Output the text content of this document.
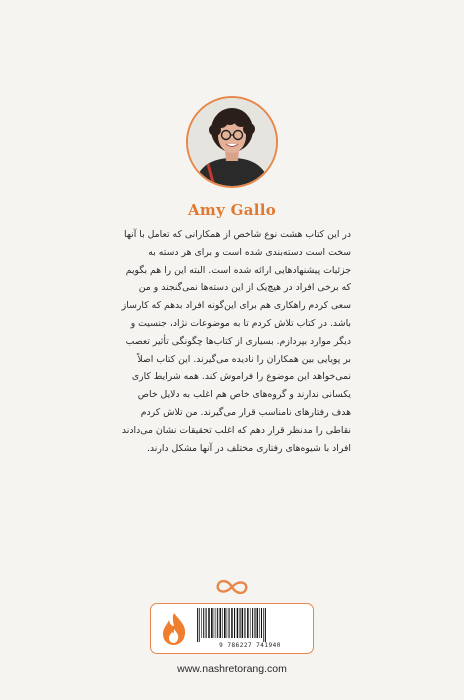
Amy Gallo
در این کتاب هشت نوع شاخص از همکارانی که تعامل با آنها
سخت است دسته‌بندی شده است و برای هر دسته به
جزئیات پیشنهادهایی ارائه شده است. البته این را هم بگویم
که برخی افراد در هیچ‌یک از این دسته‌ها نمی‌گنجند و من
سعی کردم راهکاری هم برای این‌گونه افراد بدهم که کارساز
باشد. در کتاب تلاش کردم تا به موضوعات نژاد، جنسیت و
دیگر موارد بپردازم. بسیاری از کتاب‌ها چگونگی تأثیر تعصب
بر پویایی بین همکاران را نادیده می‌گیرند. این کتاب اصلاً
نمی‌خواهد این موضوع را فراموش کند. همه شرایط کاری
یکسانی ندارند و گروه‌های خاص هم اغلب به دلایل خاص
هدف رفتارهای نامناسب قرار می‌گیرند. من تلاش کردم
نقاطی را مدنظر قرار دهم که اغلب تحقیقات نشان می‌دادند
افراد با شیوه‌های رفتاری مختلف در آنها مشکل دارند.
9 786227 741940
www.nashretorang.com
